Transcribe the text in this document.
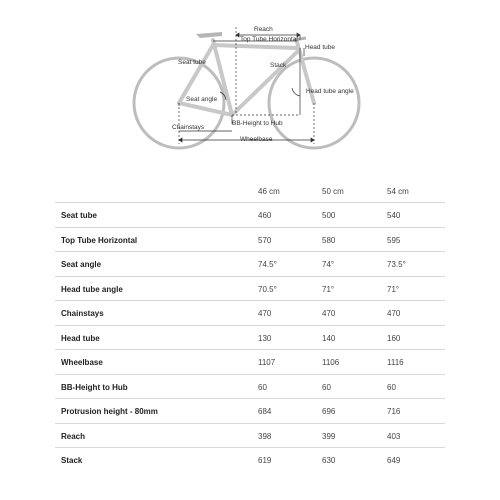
Reach
Top Tube Horizontal
Head tube
Seat tube	Stack
Seat angle
Head tube angle
BB-Height to Hub
Chainstays
Wheelbase
46 cm	50 cm	54 cm
Seat tube	460	500	540
Top Tube Horizontal	570	580	595
Seat angle	74.5°	74°	73.5°
Head tube angle	70.5°	71°	71°
Chainstays	470	470	470
Head tube	130	140	160
Wheelbase	1107	1106	1116
BB-Height to Hub	60	60	60
Protrusion height - 80mm	684	696	716
Reach	398	399	403
Stack	619	630	649
